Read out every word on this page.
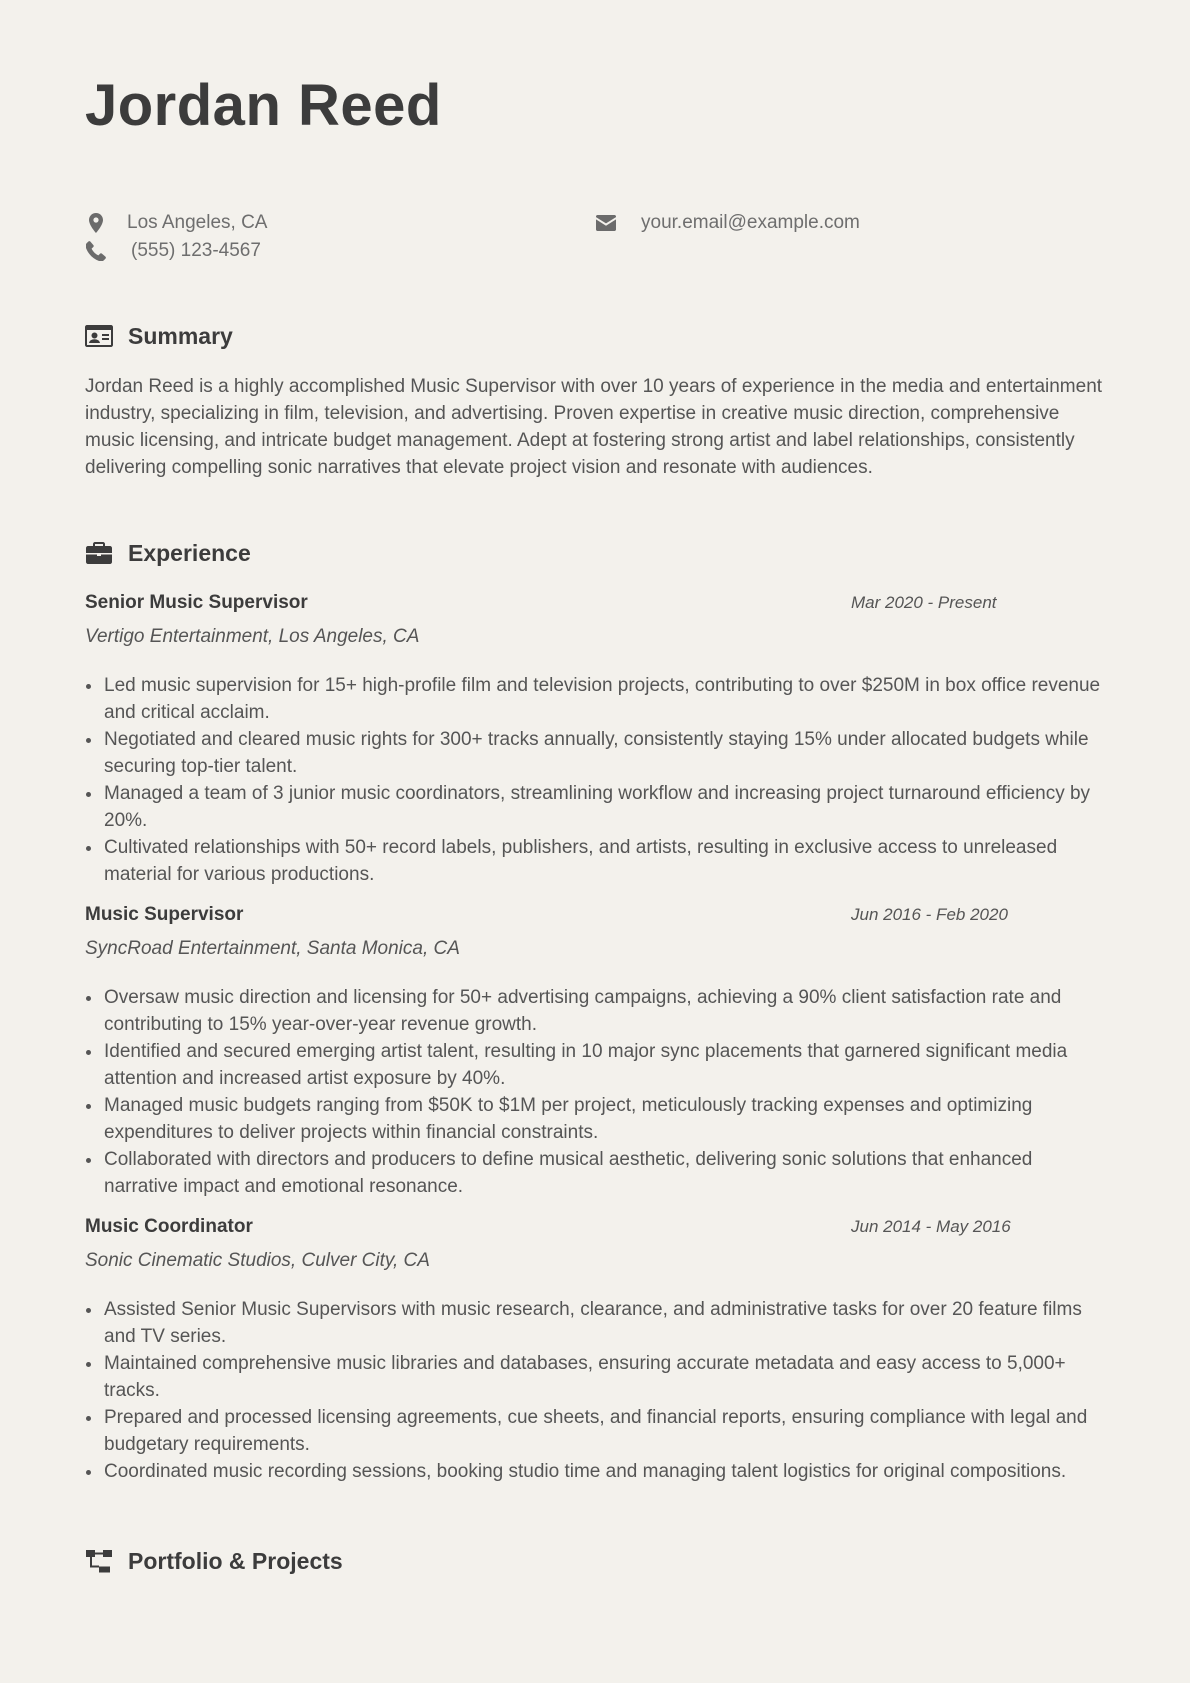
Jordan Reed
Los Angeles, CA
(555) 123-4567
your.email@example.com
Summary

Jordan Reed is a highly accomplished Music Supervisor with over 10 years of experience in the media and entertainment industry, specializing in film, television, and advertising. Proven expertise in creative music direction, comprehensive music licensing, and intricate budget management. Adept at fostering strong artist and label relationships, consistently delivering compelling sonic narratives that elevate project vision and resonate with audiences.

Experience
Senior Music Supervisor	Mar 2020 - Present
Vertigo Entertainment, Los Angeles, CA
Led music supervision for 15+ high-profile film and television projects, contributing to over $250M in box office revenue and critical acclaim.
Negotiated and cleared music rights for 300+ tracks annually, consistently staying 15% under allocated budgets while securing top-tier talent.
Managed a team of 3 junior music coordinators, streamlining workflow and increasing project turnaround efficiency by 20%.
Cultivated relationships with 50+ record labels, publishers, and artists, resulting in exclusive access to unreleased material for various productions.
Music Supervisor	Jun 2016 - Feb 2020
SyncRoad Entertainment, Santa Monica, CA
Oversaw music direction and licensing for 50+ advertising campaigns, achieving a 90% client satisfaction rate and contributing to 15% year-over-year revenue growth.
Identified and secured emerging artist talent, resulting in 10 major sync placements that garnered significant media attention and increased artist exposure by 40%.
Managed music budgets ranging from $50K to $1M per project, meticulously tracking expenses and optimizing expenditures to deliver projects within financial constraints.
Collaborated with directors and producers to define musical aesthetic, delivering sonic solutions that enhanced narrative impact and emotional resonance.
Music Coordinator	Jun 2014 - May 2016
Sonic Cinematic Studios, Culver City, CA
Assisted Senior Music Supervisors with music research, clearance, and administrative tasks for over 20 feature films and TV series.
Maintained comprehensive music libraries and databases, ensuring accurate metadata and easy access to 5,000+ tracks.
Prepared and processed licensing agreements, cue sheets, and financial reports, ensuring compliance with legal and budgetary requirements.
Coordinated music recording sessions, booking studio time and managing talent logistics for original compositions.
Portfolio & Projects
